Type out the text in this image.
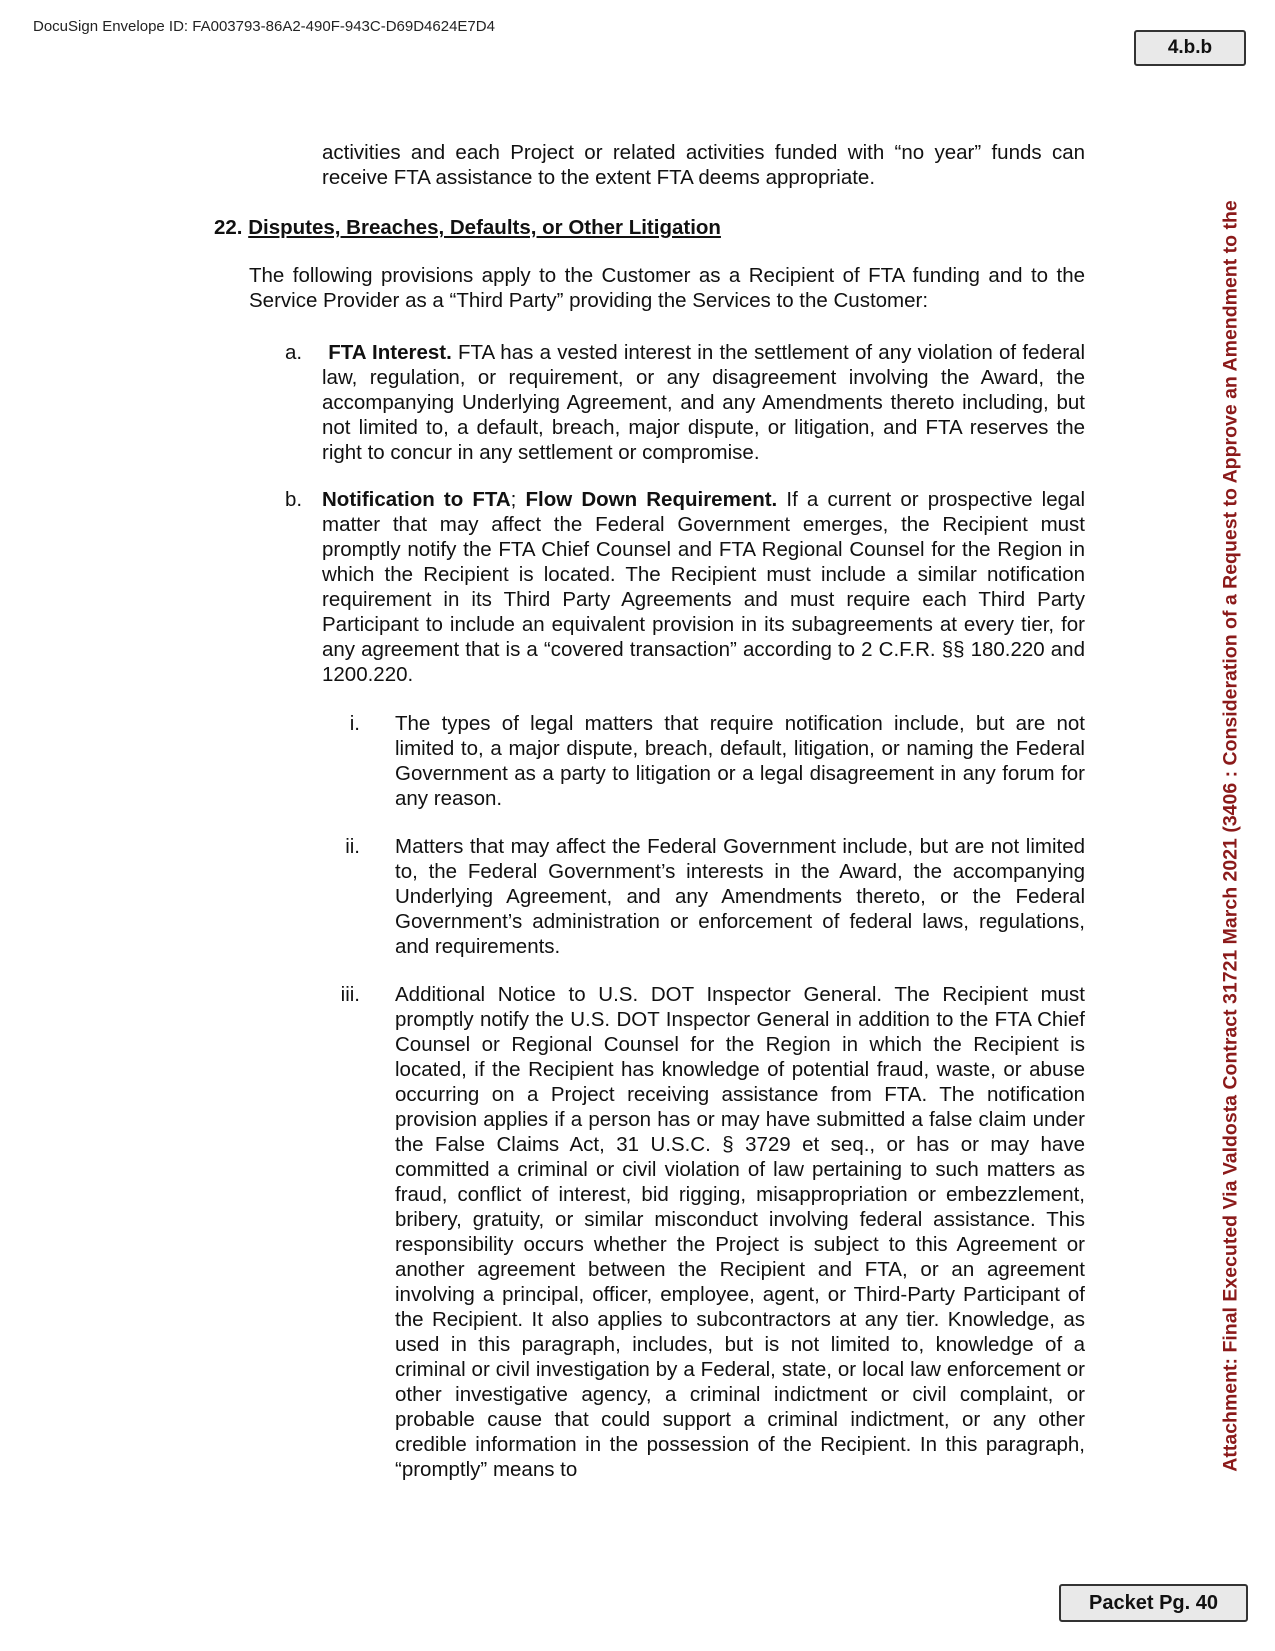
DocuSign Envelope ID: FA003793-86A2-490F-943C-D69D4624E7D4
4.b.b
Attachment: Final Executed Via Valdosta Contract 31721 March 2021 (3406 : Consideration of a Request to Approve an Amendment to the

activities and each Project or related activities funded with “no year” funds can receive FTA assistance to the extent FTA deems appropriate.

22. Disputes, Breaches, Defaults, or Other Litigation

The following provisions apply to the Customer as a Recipient of FTA funding and to the Service Provider as a “Third Party” providing the Services to the Customer:

a.	FTA Interest. FTA has a vested interest in the settlement of any violation of federal law, regulation, or requirement, or any disagreement involving the Award, the accompanying Underlying Agreement, and any Amendments thereto including, but not limited to, a default, breach, major dispute, or litigation, and FTA reserves the right to concur in any settlement or compromise.

b. Notification to FTA; Flow Down Requirement. If a current or prospective legal matter that may affect the Federal Government emerges, the Recipient must promptly notify the FTA Chief Counsel and FTA Regional Counsel for the Region in which the Recipient is located. The Recipient must include a similar notification requirement in its Third Party Agreements and must require each Third Party Participant to include an equivalent provision in its subagreements at every tier, for any agreement that is a “covered transaction” according to 2 C.F.R. §§ 180.220 and 1200.220.

i. The types of legal matters that require notification include, but are not limited to, a major dispute, breach, default, litigation, or naming the Federal Government as a party to litigation or a legal disagreement in any forum for any reason.

ii. Matters that may affect the Federal Government include, but are not limited to, the Federal Government’s interests in the Award, the accompanying Underlying Agreement, and any Amendments thereto, or the Federal Government’s administration or enforcement of federal laws, regulations, and requirements.

iii. Additional Notice to U.S. DOT Inspector General. The Recipient must promptly notify the U.S. DOT Inspector General in addition to the FTA Chief Counsel or Regional Counsel for the Region in which the Recipient is located, if the Recipient has knowledge of potential fraud, waste, or abuse occurring on a Project receiving assistance from FTA. The notification provision applies if a person has or may have submitted a false claim under the False Claims Act, 31 U.S.C. § 3729 et seq., or has or may have committed a criminal or civil violation of law pertaining to such matters as fraud, conflict of interest, bid rigging, misappropriation or embezzlement, bribery, gratuity, or similar misconduct involving federal assistance. This responsibility occurs whether the Project is subject to this Agreement or another agreement between the Recipient and FTA, or an agreement involving a principal, officer, employee, agent, or Third-Party Participant of the Recipient. It also applies to subcontractors at any tier. Knowledge, as used in this paragraph, includes, but is not limited to, knowledge of a criminal or civil investigation by a Federal, state, or local law enforcement or other investigative agency, a criminal indictment or civil complaint, or probable cause that could support a criminal indictment, or any other credible information in the possession of the Recipient. In this paragraph, “promptly” means to

Packet Pg. 40
